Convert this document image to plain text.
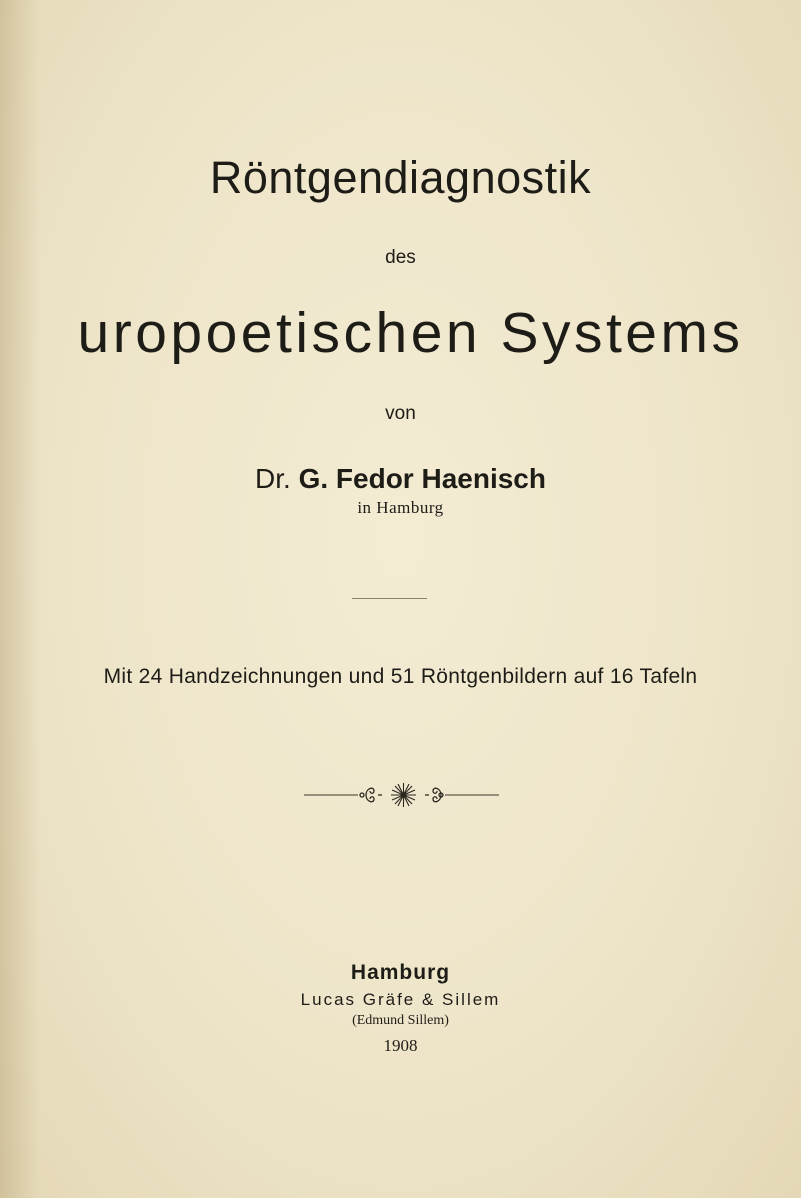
Röntgendiagnostik
des
uropoetischen Systems
von
Dr. G. Fedor Haenisch
in Hamburg
Mit 24 Handzeichnungen und 51 Röntgenbildern auf 16 Tafeln
Hamburg
Lucas Gräfe & Sillem
(Edmund Sillem)
1908
